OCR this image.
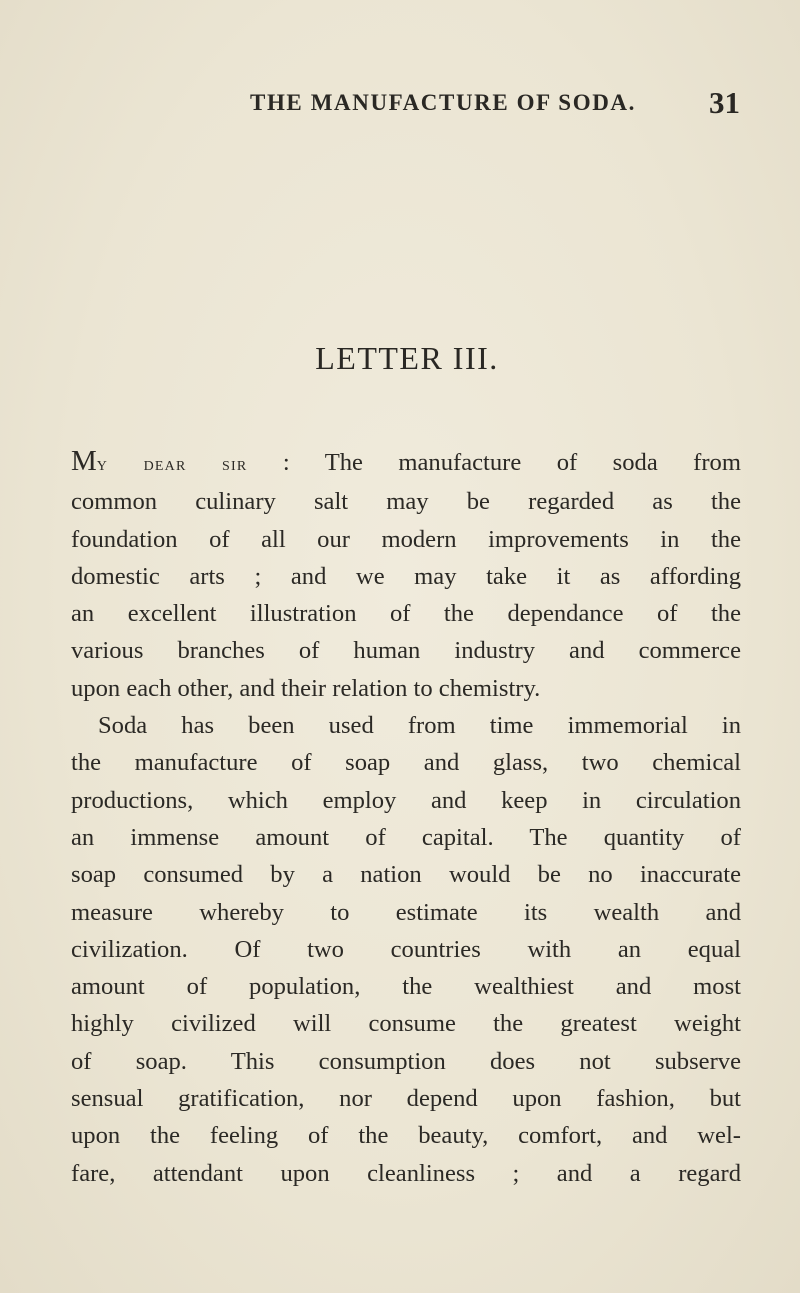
THE MANUFACTURE OF SODA. 31
LETTER III.
My dear sir : The manufacture of soda from
common culinary salt may be regarded as the
foundation of all our modern improvements in the
domestic arts ; and we may take it as affording
an excellent illustration of the dependance of the
various branches of human industry and commerce
upon each other, and their relation to chemistry.
Soda has been used from time immemorial in
the manufacture of soap and glass, two chemical
productions, which employ and keep in circulation
an immense amount of capital. The quantity of
soap consumed by a nation would be no inaccurate
measure whereby to estimate its wealth and
civilization. Of two countries with an equal
amount of population, the wealthiest and most
highly civilized will consume the greatest weight
of soap. This consumption does not subserve
sensual gratification, nor depend upon fashion, but
upon the feeling of the beauty, comfort, and wel-
fare, attendant upon cleanliness ; and a regard
